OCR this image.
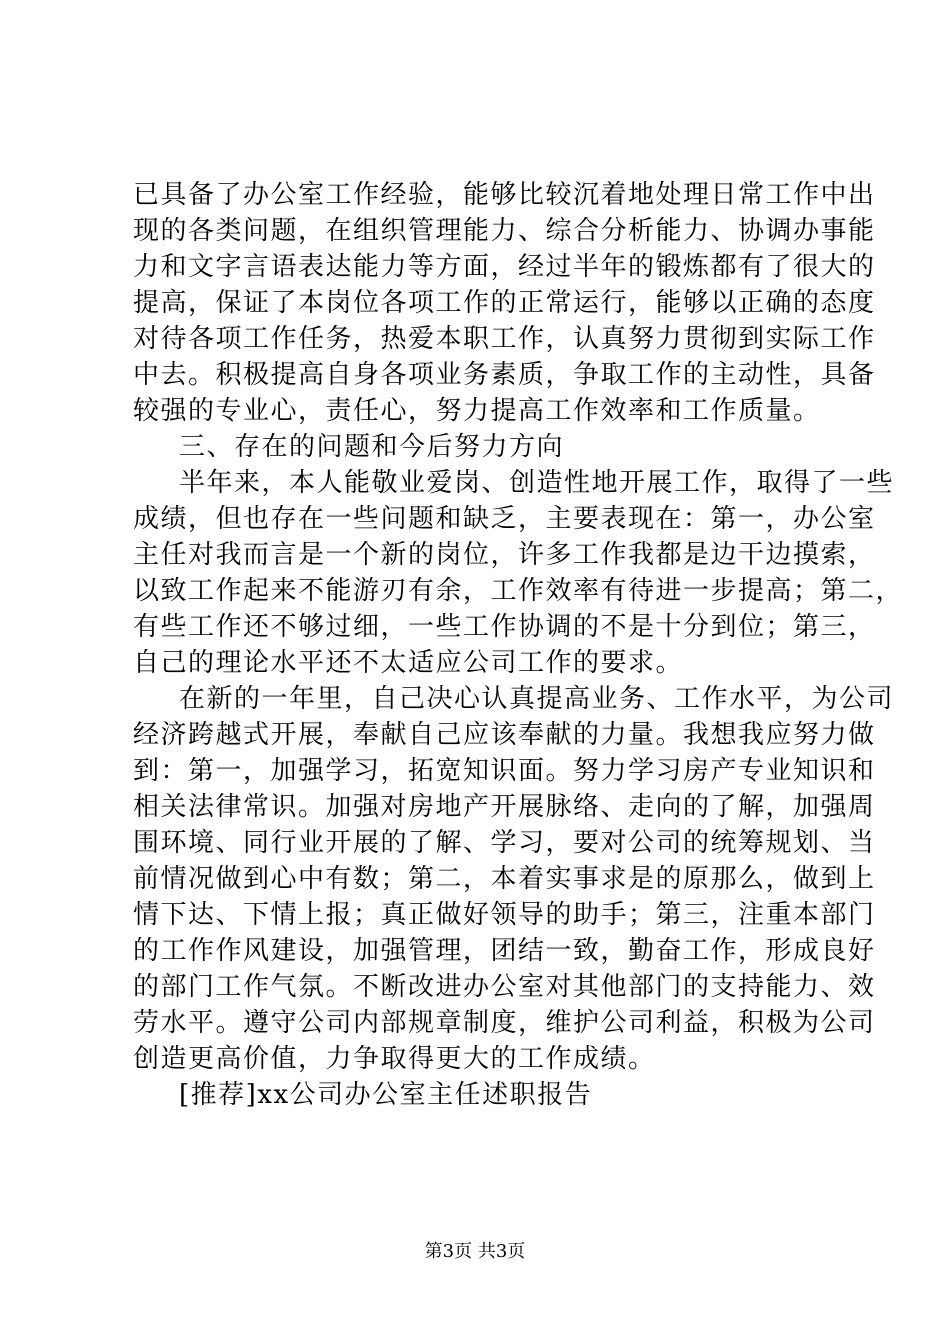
已具备了办公室工作经验，能够比较沉着地处理日常工作中出
现的各类问题，在组织管理能力、综合分析能力、协调办事能
力和文字言语表达能力等方面，经过半年的锻炼都有了很大的
提高，保证了本岗位各项工作的正常运行，能够以正确的态度
对待各项工作任务，热爱本职工作，认真努力贯彻到实际工作
中去。积极提高自身各项业务素质，争取工作的主动性，具备
较强的专业心，责任心，努力提高工作效率和工作质量。
三、存在的问题和今后努力方向
半年来，本人能敬业爱岗、创造性地开展工作，取得了一些
成绩，但也存在一些问题和缺乏，主要表现在：第一，办公室
主任对我而言是一个新的岗位，许多工作我都是边干边摸索，
以致工作起来不能游刃有余，工作效率有待进一步提高；第二，
有些工作还不够过细，一些工作协调的不是十分到位；第三，
自己的理论水平还不太适应公司工作的要求。
在新的一年里，自己决心认真提高业务、工作水平，为公司
经济跨越式开展，奉献自己应该奉献的力量。我想我应努力做
到：第一，加强学习，拓宽知识面。努力学习房产专业知识和
相关法律常识。加强对房地产开展脉络、走向的了解，加强周
围环境、同行业开展的了解、学习，要对公司的统筹规划、当
前情况做到心中有数；第二，本着实事求是的原那么，做到上
情下达、下情上报；真正做好领导的助手；第三，注重本部门
的工作作风建设，加强管理，团结一致，勤奋工作，形成良好
的部门工作气氛。不断改进办公室对其他部门的支持能力、效
劳水平。遵守公司内部规章制度，维护公司利益，积极为公司
创造更高价值，力争取得更大的工作成绩。
[推荐]xx公司办公室主任述职报告
第3页 共3页
